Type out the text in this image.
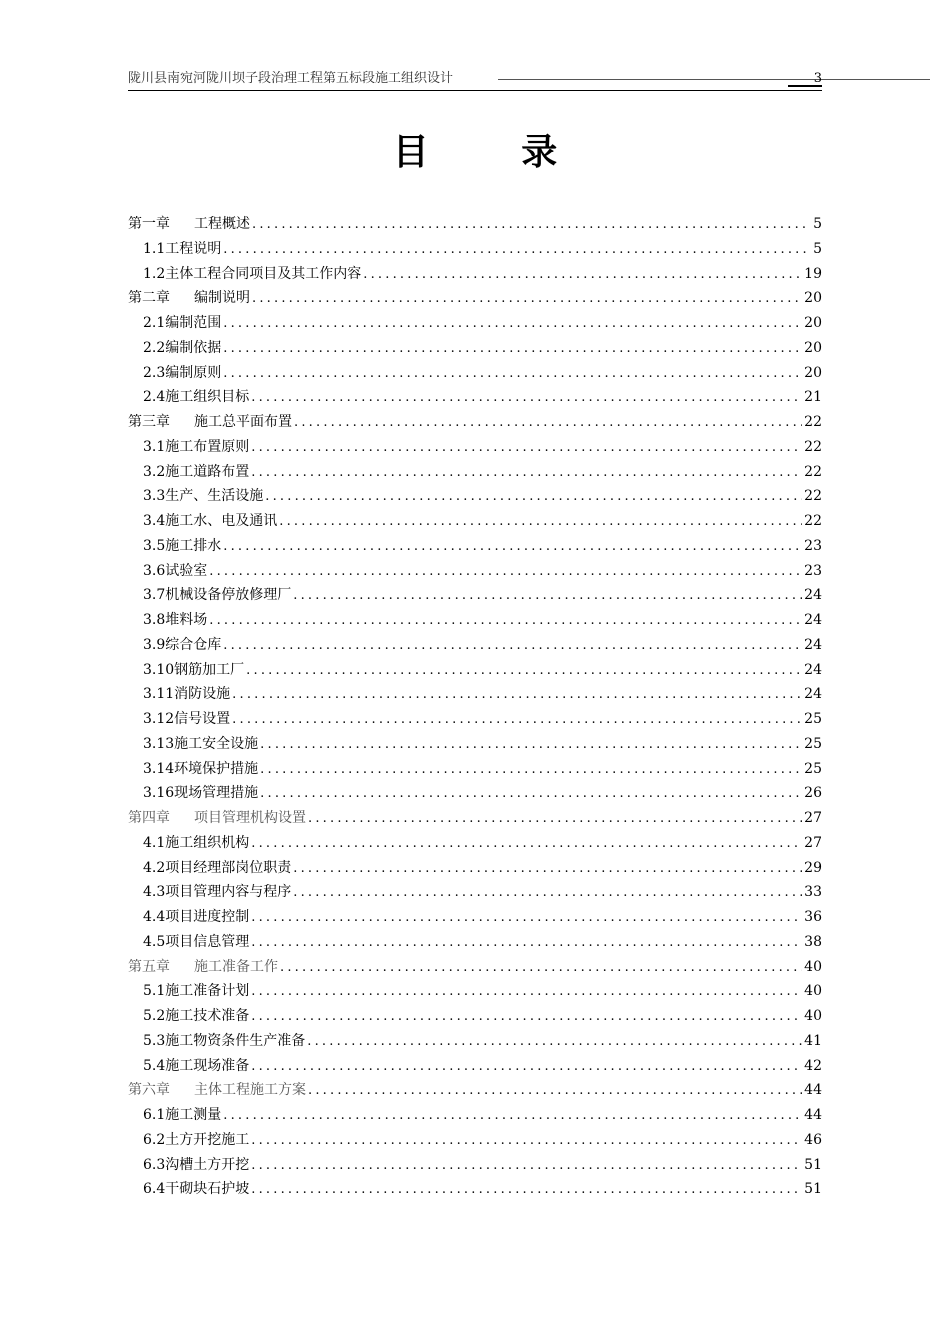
陇川县南宛河陇川坝子段治理工程第五标段施工组织设计	3
目 录
第一章 工程概述 .....	5
1.1工程说明 .....	5
1.2主体工程合同项目及其工作内容 .....	19
第二章 编制说明 .....	20
2.1编制范围 .....	20
2.2编制依据 .....	20
2.3编制原则 .....	20
2.4施工组织目标 .....	21
第三章 施工总平面布置 .....	22
3.1施工布置原则 .....	22
3.2施工道路布置 .....	22
3.3生产、生活设施 .....	22
3.4施工水、电及通讯 .....	22
3.5施工排水 .....	23
3.6试验室 .....	23
3.7机械设备停放修理厂 .....	24
3.8堆料场 .....	24
3.9综合仓库 .....	24
3.10钢筋加工厂 .....	24
3.11消防设施 .....	24
3.12信号设置 .....	25
3.13施工安全设施 .....	25
3.14环境保护措施 .....	25
3.16现场管理措施 .....	26
第四章 项目管理机构设置 .....	27
4.1施工组织机构 .....	27
4.2项目经理部岗位职责 .....	29
4.3项目管理内容与程序 .....	33
4.4项目进度控制 .....	36
4.5项目信息管理 .....	38
第五章 施工准备工作 .....	40
5.1施工准备计划 .....	40
5.2施工技术准备 .....	40
5.3施工物资条件生产准备 .....	41
5.4施工现场准备 .....	42
第六章 主体工程施工方案 .....	44
6.1施工测量 .....	44
6.2土方开挖施工 .....	46
6.3沟槽土方开挖 .....	51
6.4干砌块石护坡 .....	51
